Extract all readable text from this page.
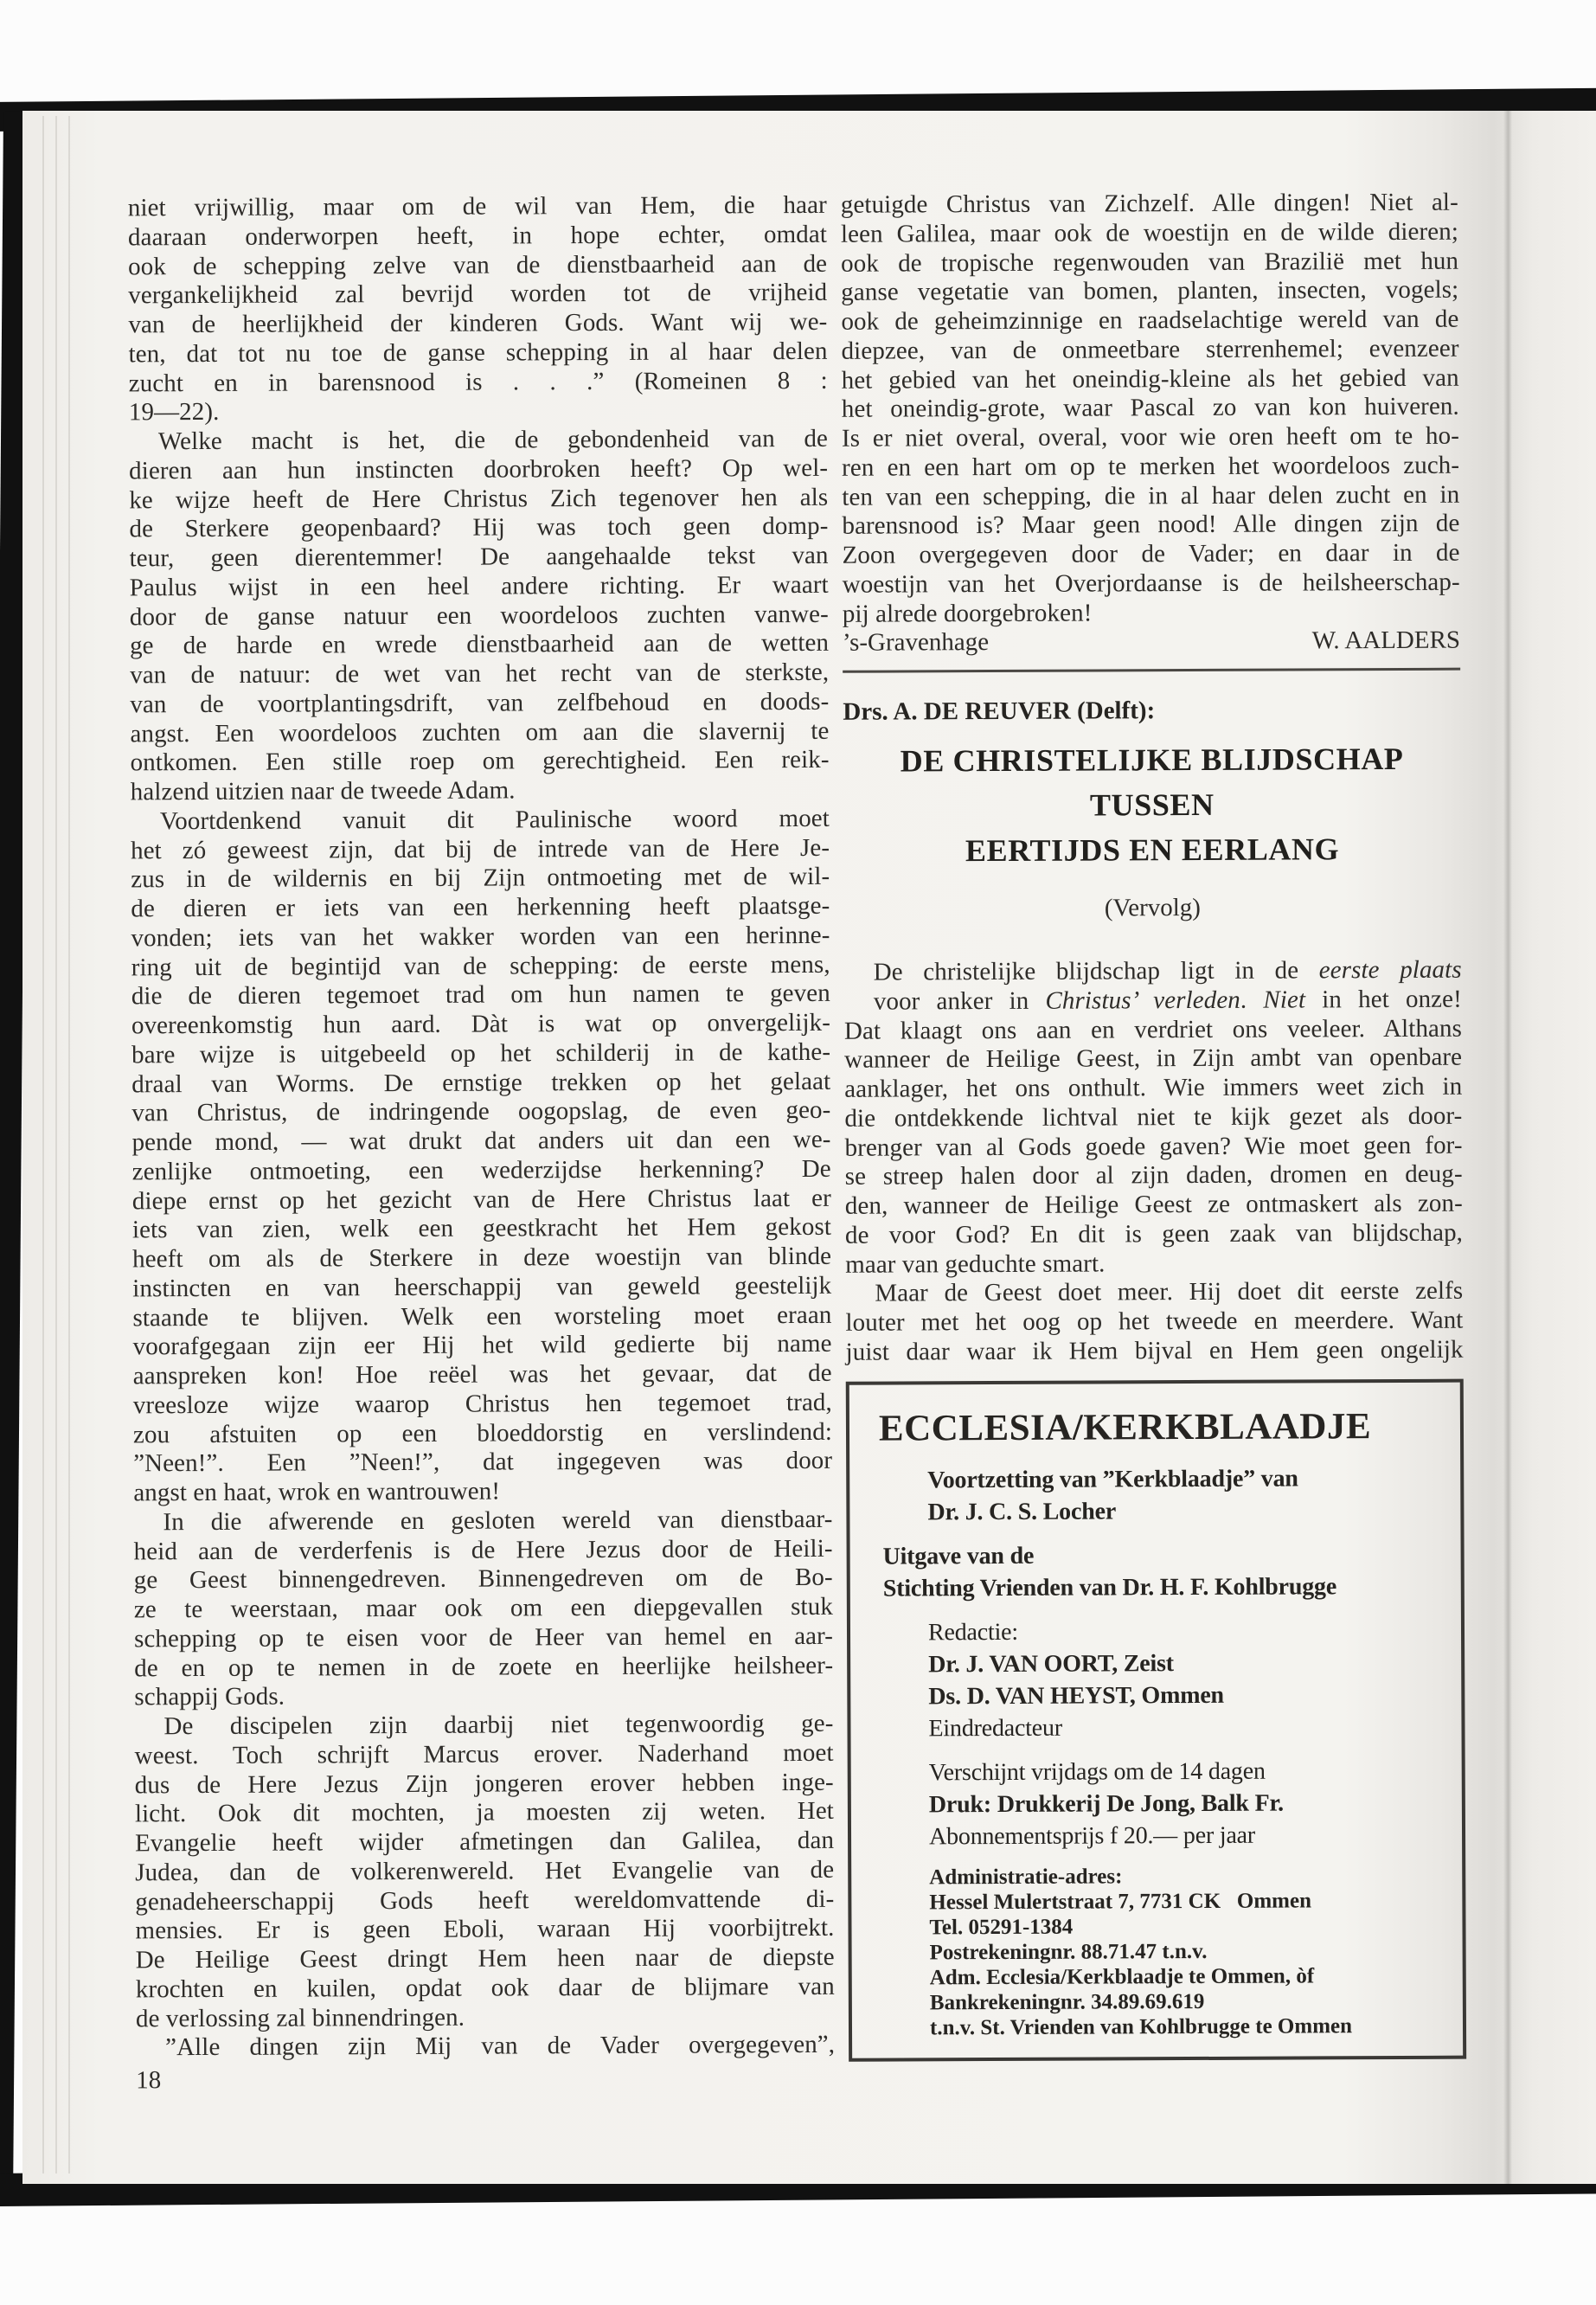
niet vrijwillig, maar om de wil van Hem, die haar
daaraan onderworpen heeft, in hope echter, omdat
ook de schepping zelve van de dienstbaarheid aan de
vergankelijkheid zal bevrijd worden tot de vrijheid
van de heerlijkheid der kinderen Gods. Want wij we-
ten, dat tot nu toe de ganse schepping in al haar delen
zucht en in barensnood is . . .” (Romeinen 8 :
19—22).
Welke macht is het, die de gebondenheid van de
dieren aan hun instincten doorbroken heeft? Op wel-
ke wijze heeft de Here Christus Zich tegenover hen als
de Sterkere geopenbaard? Hij was toch geen domp-
teur, geen dierentemmer! De aangehaalde tekst van
Paulus wijst in een heel andere richting. Er waart
door de ganse natuur een woordeloos zuchten vanwe-
ge de harde en wrede dienstbaarheid aan de wetten
van de natuur: de wet van het recht van de sterkste,
van de voortplantingsdrift, van zelfbehoud en doods-
angst. Een woordeloos zuchten om aan die slavernij te
ontkomen. Een stille roep om gerechtigheid. Een reik-
halzend uitzien naar de tweede Adam.
Voortdenkend vanuit dit Paulinische woord moet
het zó geweest zijn, dat bij de intrede van de Here Je-
zus in de wildernis en bij Zijn ontmoeting met de wil-
de dieren er iets van een herkenning heeft plaatsge-
vonden; iets van het wakker worden van een herinne-
ring uit de begintijd van de schepping: de eerste mens,
die de dieren tegemoet trad om hun namen te geven
overeenkomstig hun aard. Dàt is wat op onvergelijk-
bare wijze is uitgebeeld op het schilderij in de kathe-
draal van Worms. De ernstige trekken op het gelaat
van Christus, de indringende oogopslag, de even geo-
pende mond, — wat drukt dat anders uit dan een we-
zenlijke ontmoeting, een wederzijdse herkenning? De
diepe ernst op het gezicht van de Here Christus laat er
iets van zien, welk een geestkracht het Hem gekost
heeft om als de Sterkere in deze woestijn van blinde
instincten en van heerschappij van geweld geestelijk
staande te blijven. Welk een worsteling moet eraan
voorafgegaan zijn eer Hij het wild gedierte bij name
aanspreken kon! Hoe reëel was het gevaar, dat de
vreesloze wijze waarop Christus hen tegemoet trad,
zou afstuiten op een bloeddorstig en verslindend:
”Neen!”. Een ”Neen!”, dat ingegeven was door
angst en haat, wrok en wantrouwen!
In die afwerende en gesloten wereld van dienstbaar-
heid aan de verderfenis is de Here Jezus door de Heili-
ge Geest binnengedreven. Binnengedreven om de Bo-
ze te weerstaan, maar ook om een diepgevallen stuk
schepping op te eisen voor de Heer van hemel en aar-
de en op te nemen in de zoete en heerlijke heilsheer-
schappij Gods.
De discipelen zijn daarbij niet tegenwoordig ge-
weest. Toch schrijft Marcus erover. Naderhand moet
dus de Here Jezus Zijn jongeren erover hebben inge-
licht. Ook dit mochten, ja moesten zij weten. Het
Evangelie heeft wijder afmetingen dan Galilea, dan
Judea, dan de volkerenwereld. Het Evangelie van de
genadeheerschappij Gods heeft wereldomvattende di-
mensies. Er is geen Eboli, waraan Hij voorbijtrekt.
De Heilige Geest dringt Hem heen naar de diepste
krochten en kuilen, opdat ook daar de blijmare van
de verlossing zal binnendringen.
”Alle dingen zijn Mij van de Vader overgegeven”,
18
getuigde Christus van Zichzelf. Alle dingen! Niet al-
leen Galilea, maar ook de woestijn en de wilde dieren;
ook de tropische regenwouden van Brazilië met hun
ganse vegetatie van bomen, planten, insecten, vogels;
ook de geheimzinnige en raadselachtige wereld van de
diepzee, van de onmeetbare sterrenhemel; evenzeer
het gebied van het oneindig-kleine als het gebied van
het oneindig-grote, waar Pascal zo van kon huiveren.
Is er niet overal, overal, voor wie oren heeft om te ho-
ren en een hart om op te merken het woordeloos zuch-
ten van een schepping, die in al haar delen zucht en in
barensnood is? Maar geen nood! Alle dingen zijn de
Zoon overgegeven door de Vader; en daar in de
woestijn van het Overjordaanse is de heilsheerschap-
pij alrede doorgebroken!
’s-Gravenhage	W. AALDERS
Drs. A. DE REUVER (Delft):
DE CHRISTELIJKE BLIJDSCHAP
TUSSEN
EERTIJDS EN EERLANG
(Vervolg)
De christelijke blijdschap ligt in de eerste plaats
voor anker in Christus’ verleden. Niet in het onze!
Dat klaagt ons aan en verdriet ons veeleer. Althans
wanneer de Heilige Geest, in Zijn ambt van openbare
aanklager, het ons onthult. Wie immers weet zich in
die ontdekkende lichtval niet te kijk gezet als door-
brenger van al Gods goede gaven? Wie moet geen for-
se streep halen door al zijn daden, dromen en deug-
den, wanneer de Heilige Geest ze ontmaskert als zon-
de voor God? En dit is geen zaak van blijdschap,
maar van geduchte smart.
Maar de Geest doet meer. Hij doet dit eerste zelfs
louter met het oog op het tweede en meerdere. Want
juist daar waar ik Hem bijval en Hem geen ongelijk
ECCLESIA/KERKBLAADJE
Voortzetting van ”Kerkblaadje” van
Dr. J. C. S. Locher
Uitgave van de
Stichting Vrienden van Dr. H. F. Kohlbrugge
Redactie:
Dr. J. VAN OORT, Zeist
Ds. D. VAN HEYST, Ommen
Eindredacteur
Verschijnt vrijdags om de 14 dagen
Druk: Drukkerij De Jong, Balk Fr.
Abonnementsprijs f 20.— per jaar
Administratie-adres:
Hessel Mulertstraat 7, 7731 CK   Ommen
Tel. 05291-1384
Postrekeningnr. 88.71.47 t.n.v.
Adm. Ecclesia/Kerkblaadje te Ommen, òf
Bankrekeningnr. 34.89.69.619
t.n.v. St. Vrienden van Kohlbrugge te Ommen
